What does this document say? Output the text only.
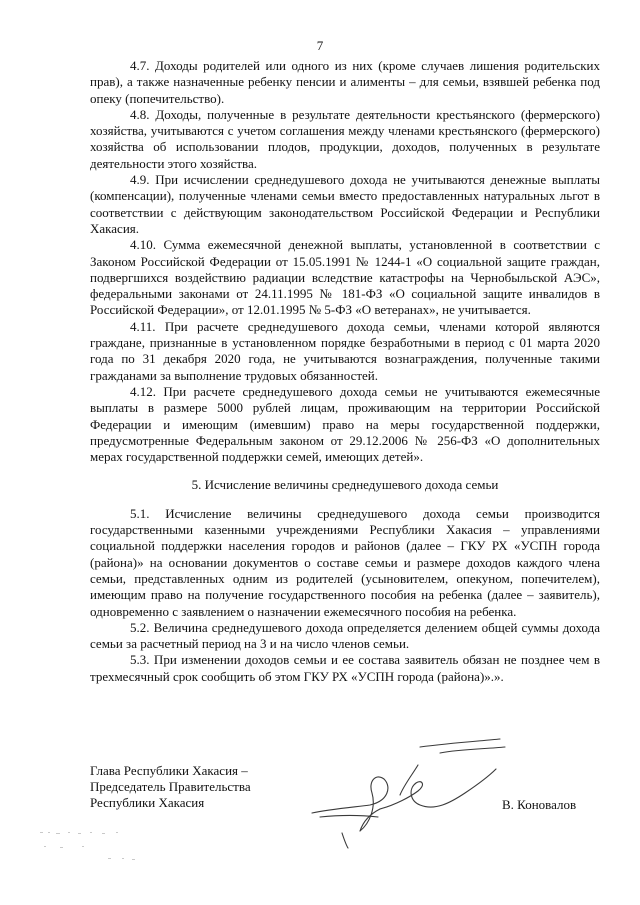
7

4.7. Доходы родителей или одного из них (кроме случаев лишения родительских прав), а также назначенные ребенку пенсии и алименты – для семьи, взявшей ребенка под опеку (попечительство).

4.8. Доходы, полученные в результате деятельности крестьянского (фермерского) хозяйства, учитываются с учетом соглашения между членами крестьянского (фермерского) хозяйства об использовании плодов, продукции, доходов, полученных в результате деятельности этого хозяйства.

4.9. При исчислении среднедушевого дохода не учитываются денежные выплаты (компенсации), полученные членами семьи вместо предоставленных натуральных льгот в соответствии с действующим законодательством Российской Федерации и Республики Хакасия.

4.10. Сумма ежемесячной денежной выплаты, установленной в соответствии с Законом Российской Федерации от 15.05.1991 № 1244-1 «О социальной защите граждан, подвергшихся воздействию радиации вследствие катастрофы на Чернобыльской АЭС», федеральными законами от 24.11.1995 № 181-ФЗ «О социальной защите инвалидов в Российской Федерации», от 12.01.1995 № 5-ФЗ «О ветеранах», не учитывается.

4.11. При расчете среднедушевого дохода семьи, членами которой являются граждане, признанные в установленном порядке безработными в период с 01 марта 2020 года по 31 декабря 2020 года, не учитываются вознаграждения, полученные такими гражданами за выполнение трудовых обязанностей.

4.12. При расчете среднедушевого дохода семьи не учитываются ежемесячные выплаты в размере 5000 рублей лицам, проживающим на территории Российской Федерации и имеющим (имевшим) право на меры государственной поддержки, предусмотренные Федеральным законом от 29.12.2006 № 256-ФЗ «О дополнительных мерах государственной поддержки семей, имеющих детей».

5. Исчисление величины среднедушевого дохода семьи

5.1. Исчисление величины среднедушевого дохода семьи производится государственными казенными учреждениями Республики Хакасия – управлениями социальной поддержки населения городов и районов (далее – ГКУ РХ «УСПН города (района)» на основании документов о составе семьи и размере доходов каждого члена семьи, представленных одним из родителей (усыновителем, опекуном, попечителем), имеющим право на получение государственного пособия на ребенка (далее – заявитель), одновременно с заявлением о назначении ежемесячного пособия на ребенка.

5.2. Величина среднедушевого дохода определяется делением общей суммы дохода семьи за расчетный период на 3 и на число членов семьи.

5.3. При изменении доходов семьи и ее состава заявитель обязан не позднее чем в трехмесячный срок сообщить об этом ГКУ РХ «УСПН города (района)».».

Глава Республики Хакасия –
Председатель Правительства
Республики Хакасия	В. Коновалов
